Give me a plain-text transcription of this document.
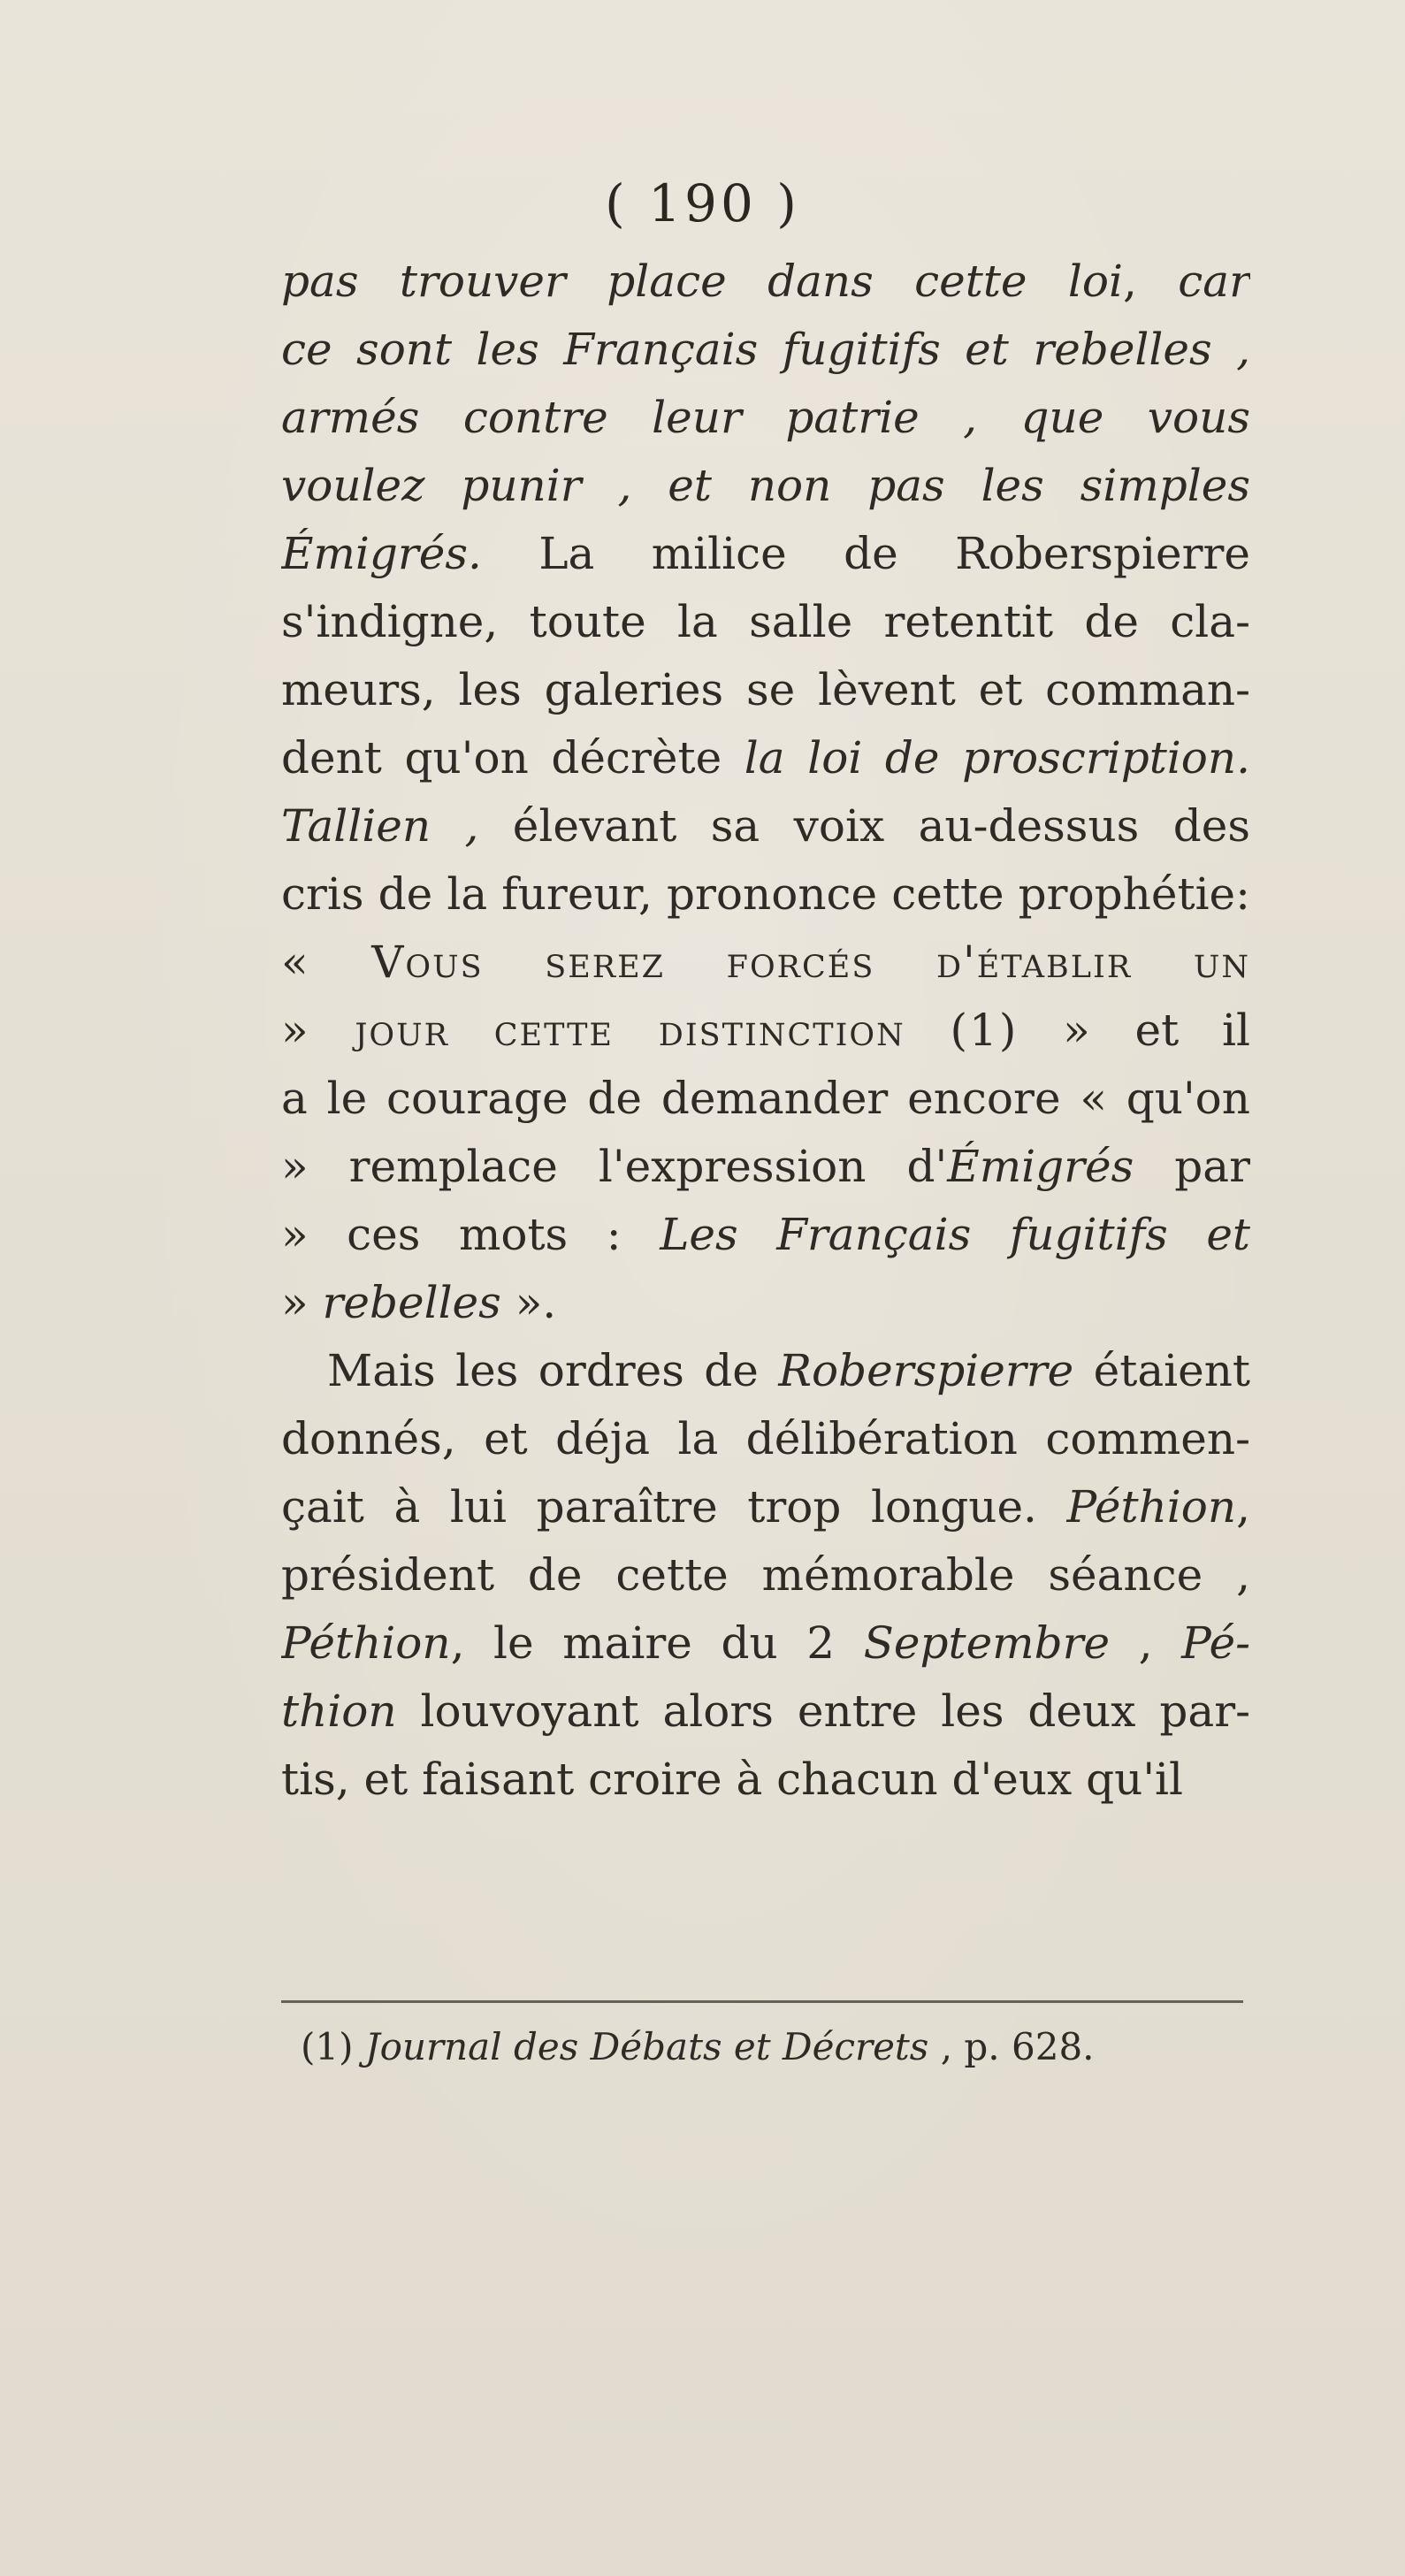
( 190 )
pas trouver place dans cette loi, car
ce sont les Français fugitifs et rebelles ,
armés contre leur patrie , que vous
voulez punir , et non pas les simples
Émigrés. La milice de Roberspierre
s'indigne, toute la salle retentit de cla-
meurs, les galeries se lèvent et comman-
dent qu'on décrète la loi de proscription.
Tallien , élevant sa voix au-dessus des
cris de la fureur, prononce cette prophétie:
« Vous serez forcés d'établir un
» jour cette distinction (1) » et il
a le courage de demander encore « qu'on
» remplace l'expression d'Émigrés par
» ces mots : Les Français fugitifs et
» rebelles ».
Mais les ordres de Roberspierre étaient
donnés, et déja la délibération commen-
çait à lui paraître trop longue. Péthion,
président de cette mémorable séance ,
Péthion, le maire du 2 Septembre , Pé-
thion louvoyant alors entre les deux par-
tis, et faisant croire à chacun d'eux qu'il
(1) Journal des Débats et Décrets , p. 628.
